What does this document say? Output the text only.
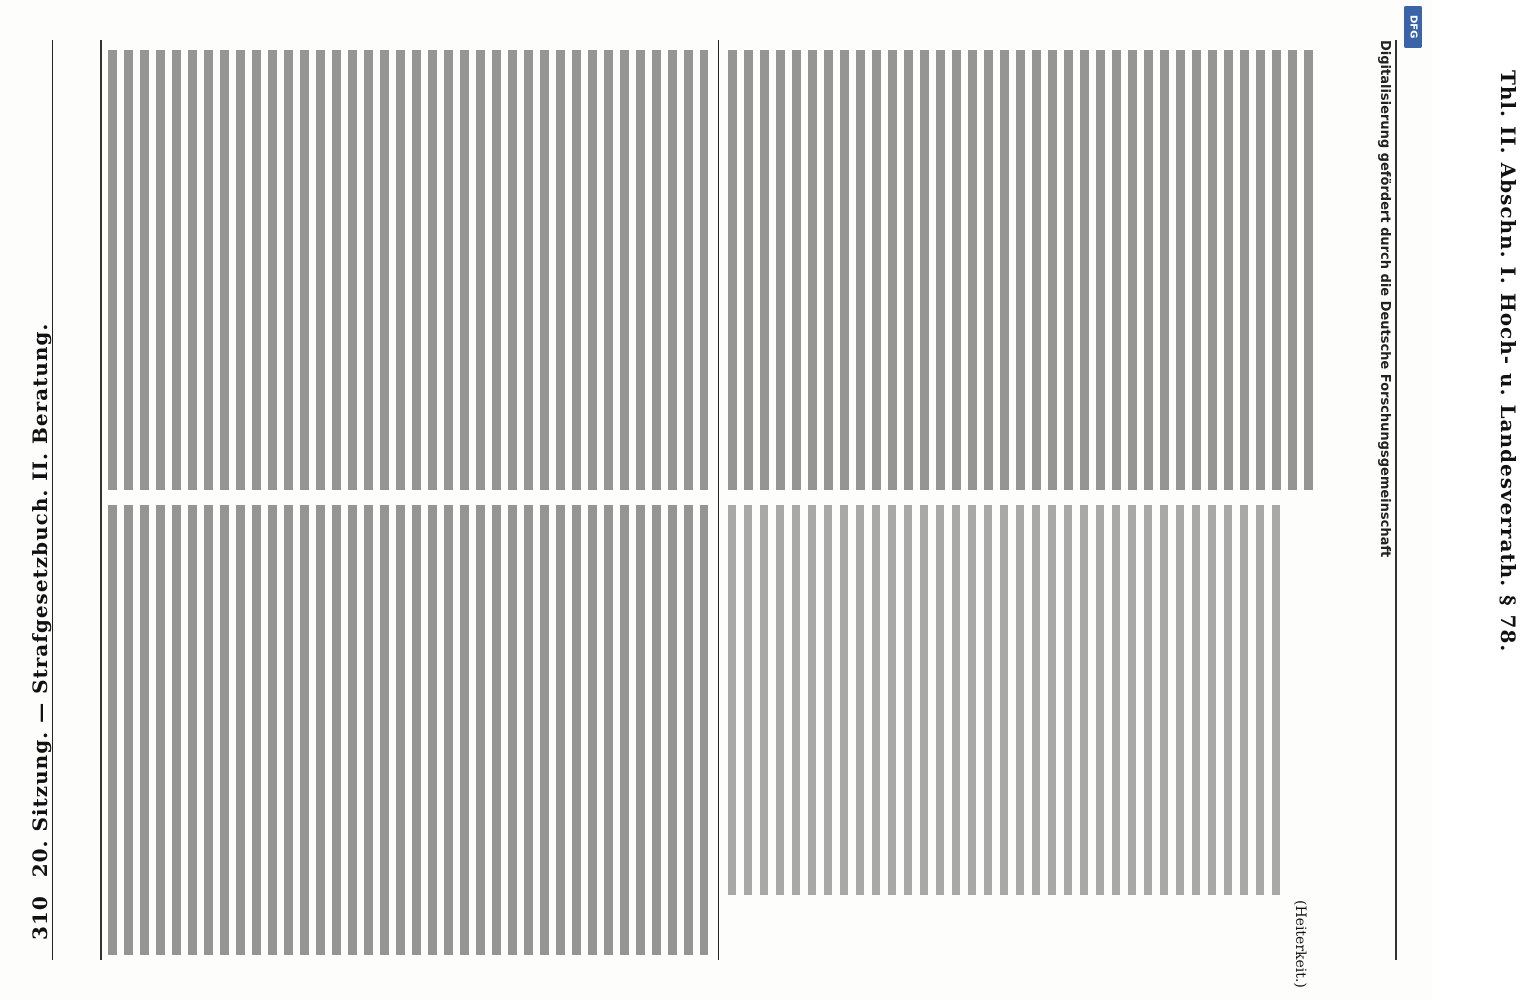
310 20. Sitzung. — Strafgesetzbuch. II. Beratung.	Thl. II. Abschn. I. Hoch- u. Landesverrath. § 78.
(Heiterkeit.)
Digitalisierung gefördert durch die Deutsche Forschungsgemeinschaft
DFG
